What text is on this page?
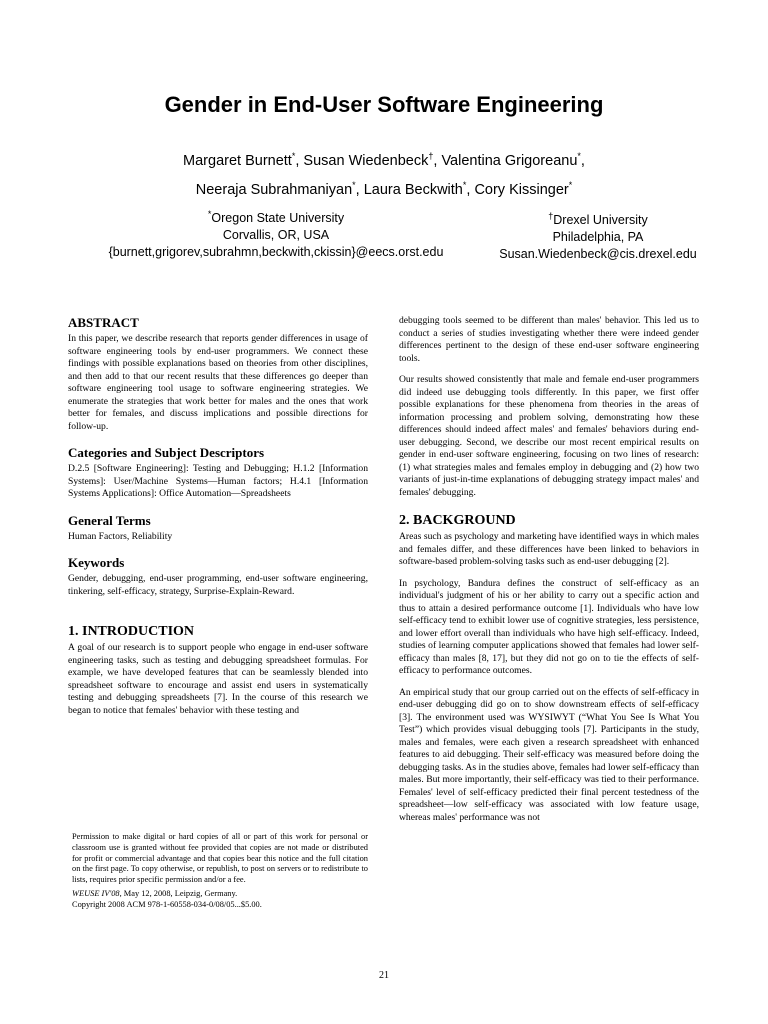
Gender in End-User Software Engineering
Margaret Burnett*, Susan Wiedenbeck†, Valentina Grigoreanu*,
Neeraja Subrahmaniyan*, Laura Beckwith*, Cory Kissinger*
*Oregon State University
Corvallis, OR, USA
{burnett,grigorev,subrahmn,beckwith,ckissin}@eecs.orst.edu
†Drexel University
Philadelphia, PA
Susan.Wiedenbeck@cis.drexel.edu
ABSTRACT

In this paper, we describe research that reports gender differences in usage of software engineering tools by end-user programmers. We connect these findings with possible explanations based on theories from other disciplines, and then add to that our recent results that these differences go deeper than software engineering tool usage to software engineering strategies. We enumerate the strategies that work better for males and the ones that work better for females, and discuss implications and possible directions for follow-up.

Categories and Subject Descriptors

D.2.5 [Software Engineering]: Testing and Debugging; H.1.2 [Information Systems]: User/Machine Systems—Human factors; H.4.1 [Information Systems Applications]: Office Automation—Spreadsheets

General Terms

Human Factors, Reliability

Keywords

Gender, debugging, end-user programming, end-user software engineering, tinkering, self-efficacy, strategy, Surprise-Explain-Reward.

1. INTRODUCTION

A goal of our research is to support people who engage in end-user software engineering tasks, such as testing and debugging spreadsheet formulas. For example, we have developed features that can be seamlessly blended into spreadsheet software to encourage and assist end users in systematically testing and debugging spreadsheets [7]. In the course of this research we began to notice that females' behavior with these testing and

Permission to make digital or hard copies of all or part of this work for personal or classroom use is granted without fee provided that copies are not made or distributed for profit or commercial advantage and that copies bear this notice and the full citation on the first page. To copy otherwise, or republish, to post on servers or to redistribute to lists, requires prior specific permission and/or a fee.

WEUSE IV'08, May 12, 2008, Leipzig, Germany.
Copyright 2008 ACM 978-1-60558-034-0/08/05...$5.00.

debugging tools seemed to be different than males' behavior. This led us to conduct a series of studies investigating whether there were indeed gender differences pertinent to the design of these end-user software engineering tools.

Our results showed consistently that male and female end-user programmers did indeed use debugging tools differently. In this paper, we first offer possible explanations for these phenomena from theories in the areas of information processing and problem solving, demonstrating how these differences should indeed affect males' and females' behaviors during end-user debugging. Second, we describe our most recent empirical results on gender in end-user software engineering, focusing on two lines of research: (1) what strategies males and females employ in debugging and (2) how two variants of just-in-time explanations of debugging strategy impact males' and females' debugging.

2. BACKGROUND

Areas such as psychology and marketing have identified ways in which males and females differ, and these differences have been linked to behaviors in software-based problem-solving tasks such as end-user debugging [2].

In psychology, Bandura defines the construct of self-efficacy as an individual's judgment of his or her ability to carry out a specific action and thus to attain a desired performance outcome [1]. Individuals who have low self-efficacy tend to exhibit lower use of cognitive strategies, less persistence, and lower effort overall than individuals who have high self-efficacy. Indeed, studies of learning computer applications showed that females had lower self-efficacy than males [8, 17], but they did not go on to tie the effects of self-efficacy to performance outcomes.

An empirical study that our group carried out on the effects of self-efficacy in end-user debugging did go on to show downstream effects of self-efficacy [3]. The environment used was WYSIWYT (“What You See Is What You Test”) which provides visual debugging tools [7]. Participants in the study, males and females, were each given a research spreadsheet with enhanced features to aid debugging. Their self-efficacy was measured before doing the debugging tasks. As in the studies above, females had lower self-efficacy than males. But more importantly, their self-efficacy was tied to their performance. Females' level of self-efficacy predicted their final percent testedness of the spreadsheet—low self-efficacy was associated with low feature usage, whereas males' performance was not

21
